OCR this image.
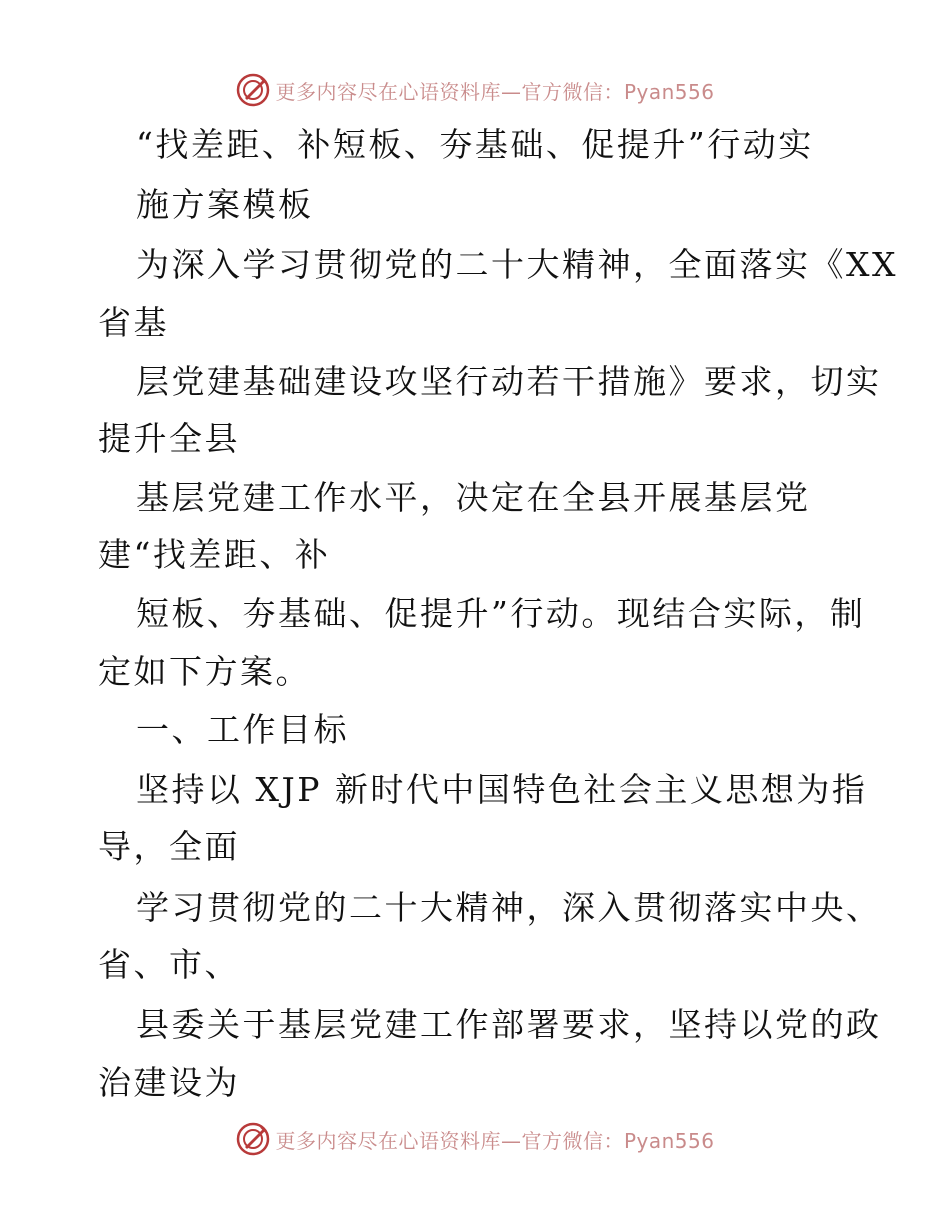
更多内容尽在心语资料库—官方微信：Pyan556
“找差距、补短板、夯基础、促提升”行动实
施方案模板
为深入学习贯彻党的二十大精神，全面落实《XX
省基
层党建基础建设攻坚行动若干措施》要求，切实
提升全县
基层党建工作水平，决定在全县开展基层党
建“找差距、补
短板、夯基础、促提升”行动。现结合实际，制
定如下方案。
一、工作目标
坚持以 XJP 新时代中国特色社会主义思想为指
导，全面
学习贯彻党的二十大精神，深入贯彻落实中央、
省、市、
县委关于基层党建工作部署要求，坚持以党的政
治建设为
更多内容尽在心语资料库—官方微信：Pyan556
